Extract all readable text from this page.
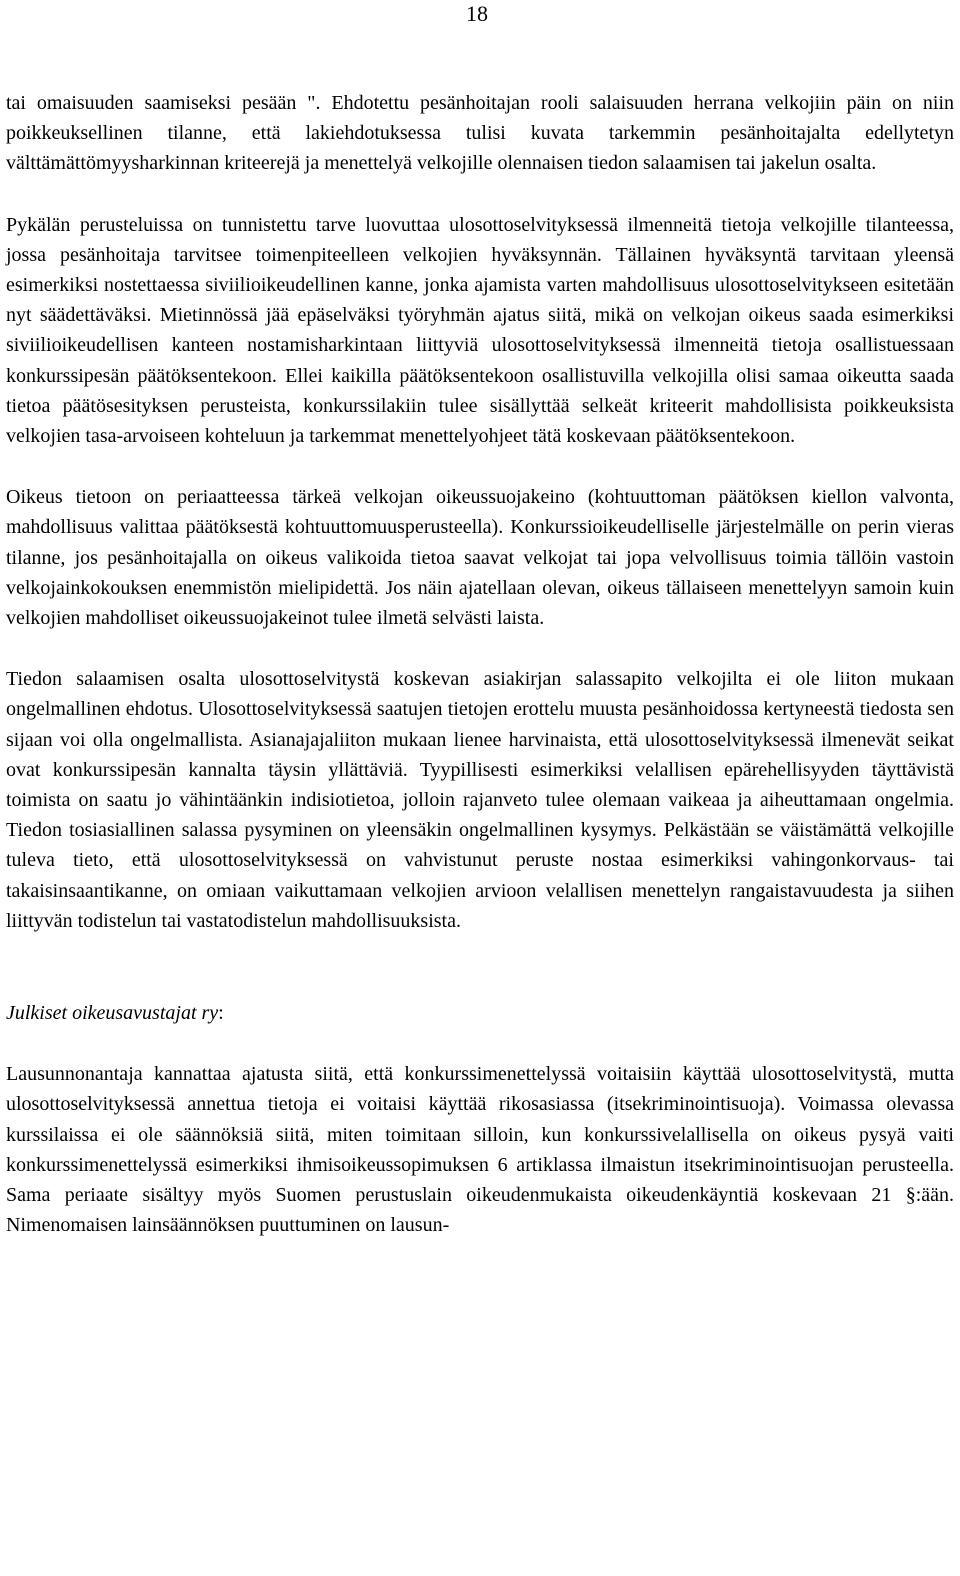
18

tai omaisuuden saamiseksi pesään ". Ehdotettu pesänhoitajan rooli salaisuuden herrana velkojiin päin on niin poikkeuksellinen tilanne, että lakiehdotuksessa tulisi kuvata tarkemmin pesänhoitajalta edellytetyn välttämättömyysharkinnan kriteerejä ja menettelyä velkojille olennaisen tiedon salaamisen tai jakelun osalta.

Pykälän perusteluissa on tunnistettu tarve luovuttaa ulosottoselvityksessä ilmenneitä tietoja velkojille tilanteessa, jossa pesänhoitaja tarvitsee toimenpiteelleen velkojien hyväksynnän. Tällainen hyväksyntä tarvitaan yleensä esimerkiksi nostettaessa siviilioikeudellinen kanne, jonka ajamista varten mahdollisuus ulosottoselvitykseen esitetään nyt säädettäväksi. Mietinnössä jää epäselväksi työryhmän ajatus siitä, mikä on velkojan oikeus saada esimerkiksi siviilioikeudellisen kanteen nostamisharkintaan liittyviä ulosottoselvityksessä ilmenneitä tietoja osallistuessaan konkurssipesän päätöksentekoon. Ellei kaikilla päätöksentekoon osallistuvilla velkojilla olisi samaa oikeutta saada tietoa päätösesityksen perusteista, konkurssilakiin tulee sisällyttää selkeät kriteerit mahdollisista poikkeuksista velkojien tasa-arvoiseen kohteluun ja tarkemmat menettelyohjeet tätä koskevaan päätöksentekoon.

Oikeus tietoon on periaatteessa tärkeä velkojan oikeussuojakeino (kohtuuttoman päätöksen kiellon valvonta, mahdollisuus valittaa päätöksestä kohtuuttomuusperusteella). Konkurssioikeudelliselle järjestelmälle on perin vieras tilanne, jos pesänhoitajalla on oikeus valikoida tietoa saavat velkojat tai jopa velvollisuus toimia tällöin vastoin velkojainkokouksen enemmistön mielipidettä. Jos näin ajatellaan olevan, oikeus tällaiseen menettelyyn samoin kuin velkojien mahdolliset oikeussuojakeinot tulee ilmetä selvästi laista.

Tiedon salaamisen osalta ulosottoselvitystä koskevan asiakirjan salassapito velkojilta ei ole liiton mukaan ongelmallinen ehdotus. Ulosottoselvityksessä saatujen tietojen erottelu muusta pesänhoidossa kertyneestä tiedosta sen sijaan voi olla ongelmallista. Asianajajaliiton mukaan lienee harvinaista, että ulosottoselvityksessä ilmenevät seikat ovat konkurssipesän kannalta täysin yllättäviä. Tyypillisesti esimerkiksi velallisen epärehellisyyden täyttävistä toimista on saatu jo vähintäänkin indisiotietoa, jolloin rajanveto tulee olemaan vaikeaa ja aiheuttamaan ongelmia. Tiedon tosiasiallinen salassa pysyminen on yleensäkin ongelmallinen kysymys. Pelkästään se väistämättä velkojille tuleva tieto, että ulosottoselvityksessä on vahvistunut peruste nostaa esimerkiksi vahingonkorvaus- tai takaisinsaantikanne, on omiaan vaikuttamaan velkojien arvioon velallisen menettelyn rangaistavuudesta ja siihen liittyvän todistelun tai vastatodistelun mahdollisuuksista.

Julkiset oikeusavustajat ry:

Lausunnonantaja kannattaa ajatusta siitä, että konkurssimenettelyssä voitaisiin käyttää ulosottoselvitystä, mutta ulosottoselvityksessä annettua tietoja ei voitaisi käyttää rikosasiassa (itsekriminointisuoja). Voimassa olevassa kurssilaissa ei ole säännöksiä siitä, miten toimitaan silloin, kun konkurssivelallisella on oikeus pysyä vaiti konkurssimenettelyssä esimerkiksi ihmisoikeussopimuksen 6 artiklassa ilmaistun itsekriminointisuojan perusteella. Sama periaate sisältyy myös Suomen perustuslain oikeudenmukaista oikeudenkäyntiä koskevaan 21 §:ään. Nimenomaisen lainsäännöksen puuttuminen on lausun-
